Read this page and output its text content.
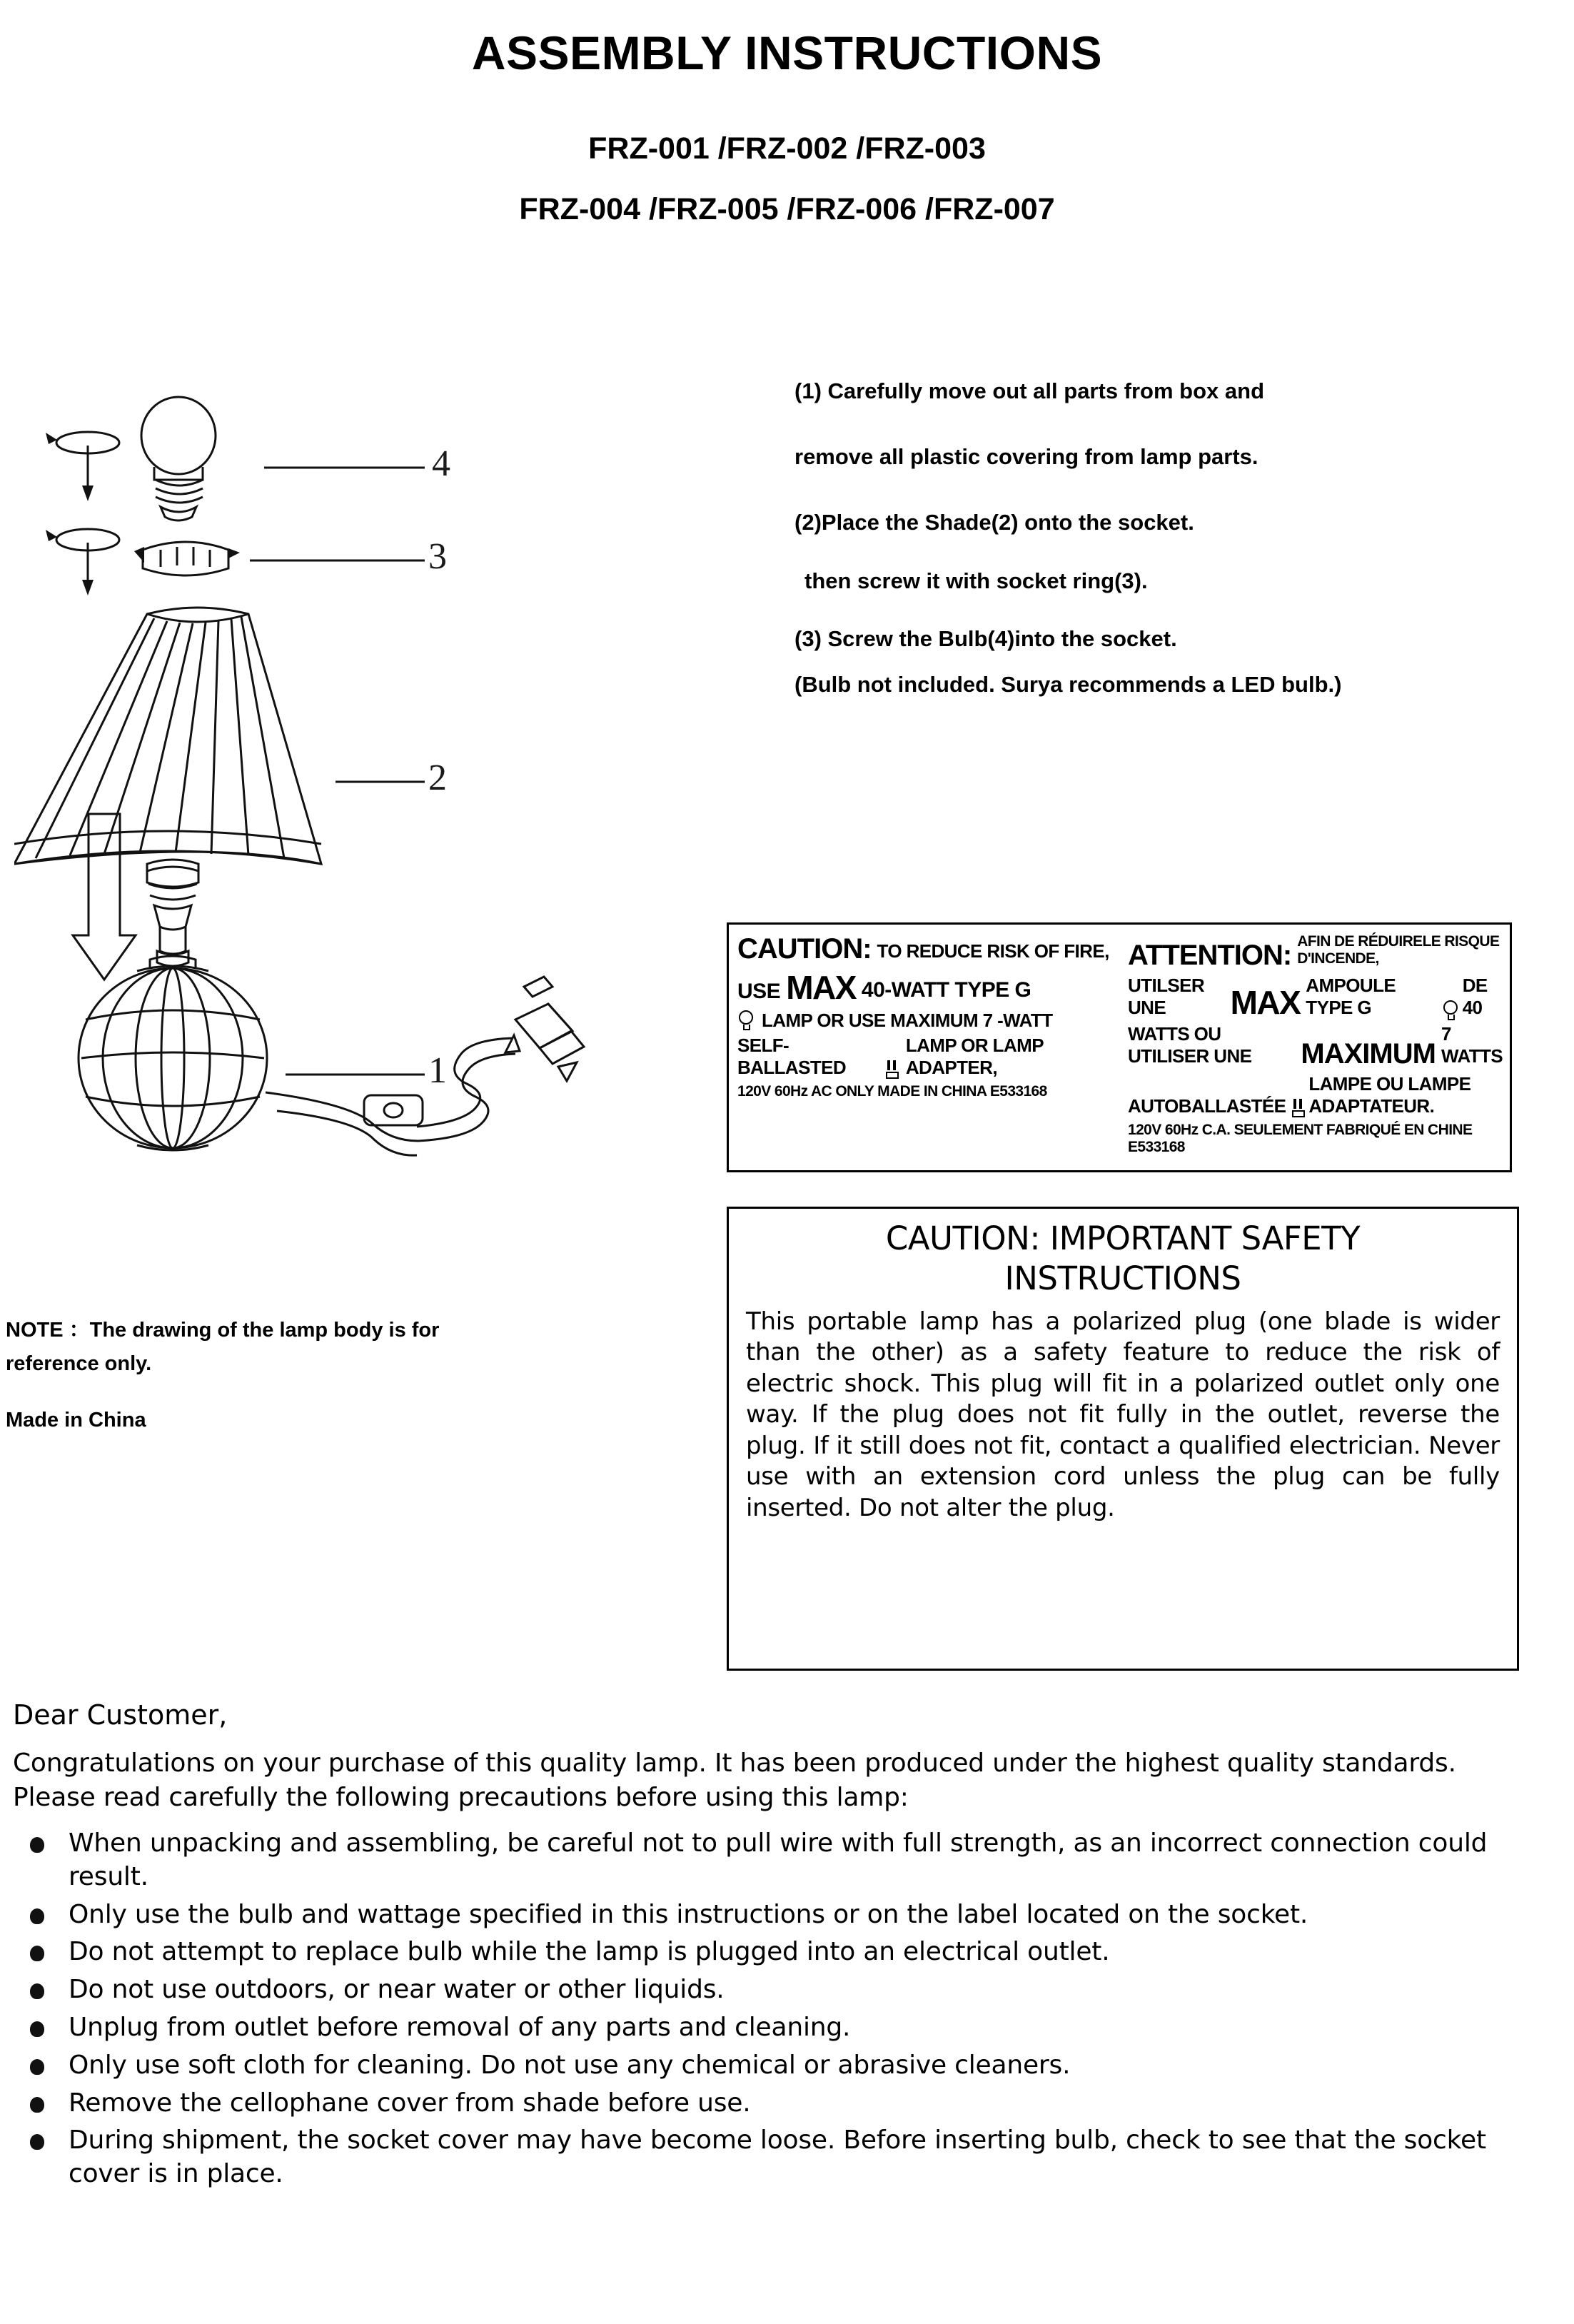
ASSEMBLY INSTRUCTIONS
FRZ-001 /FRZ-002 /FRZ-003
FRZ-004 /FRZ-005 /FRZ-006 /FRZ-007
4
3
2
1
NOTE ：The drawing of the lamp body is for reference only.
Made in China

(1) Carefully move out all parts from box and

remove all plastic covering from lamp parts.

(2)Place the Shade(2) onto the socket.

then screw it with socket ring(3).

(3) Screw the Bulb(4)into the socket.

(Bulb not included. Surya recommends a LED bulb.)

CAUTION: TO REDUCE RISK OF FIRE,
USE MAX 40-WATT TYPE G
LAMP OR USE MAXIMUM 7 -WATT
SELF-BALLASTED
LAMP OR LAMP ADAPTER,
120V 60Hz AC ONLY MADE IN CHINA E533168
ATTENTION: AFIN DE RÉDUIRELE RISQUE D'INCENDE,
UTILSER UNE	MAX AMPOULE TYPE G
DE 40
WATTS OU UTILISER UNE	MAXIMUM
7 WATTS
AUTOBALLASTÉE
LAMPE OU LAMPE ADAPTATEUR.
120V 60Hz C.A. SEULEMENT FABRIQUÉ EN CHINE E533168
CAUTION: IMPORTANT SAFETY
INSTRUCTIONS
This portable lamp has a polarized plug (one blade is wider than the other) as a safety feature to reduce the risk of electric shock. This plug will fit in a polarized outlet only one way. If the plug does not fit fully in the outlet, reverse the plug. If it still does not fit, contact a qualified electrician. Never use with an extension cord unless the plug can be fully inserted. Do not alter the plug.
Dear Customer,
Congratulations on your purchase of this quality lamp. It has been produced under the highest quality standards. Please read carefully the following precautions before using this lamp:
When unpacking and assembling, be careful not to pull wire with full strength, as an incorrect connection could result.
Only use the bulb and wattage specified in this instructions or on the label located on the socket.
Do not attempt to replace bulb while the lamp is plugged into an electrical outlet.
Do not use outdoors, or near water or other liquids.
Unplug from outlet before removal of any parts and cleaning.
Only use soft cloth for cleaning. Do not use any chemical or abrasive cleaners.
Remove the cellophane cover from shade before use.
During shipment, the socket cover may have become loose. Before inserting bulb, check to see that the socket cover is in place.
